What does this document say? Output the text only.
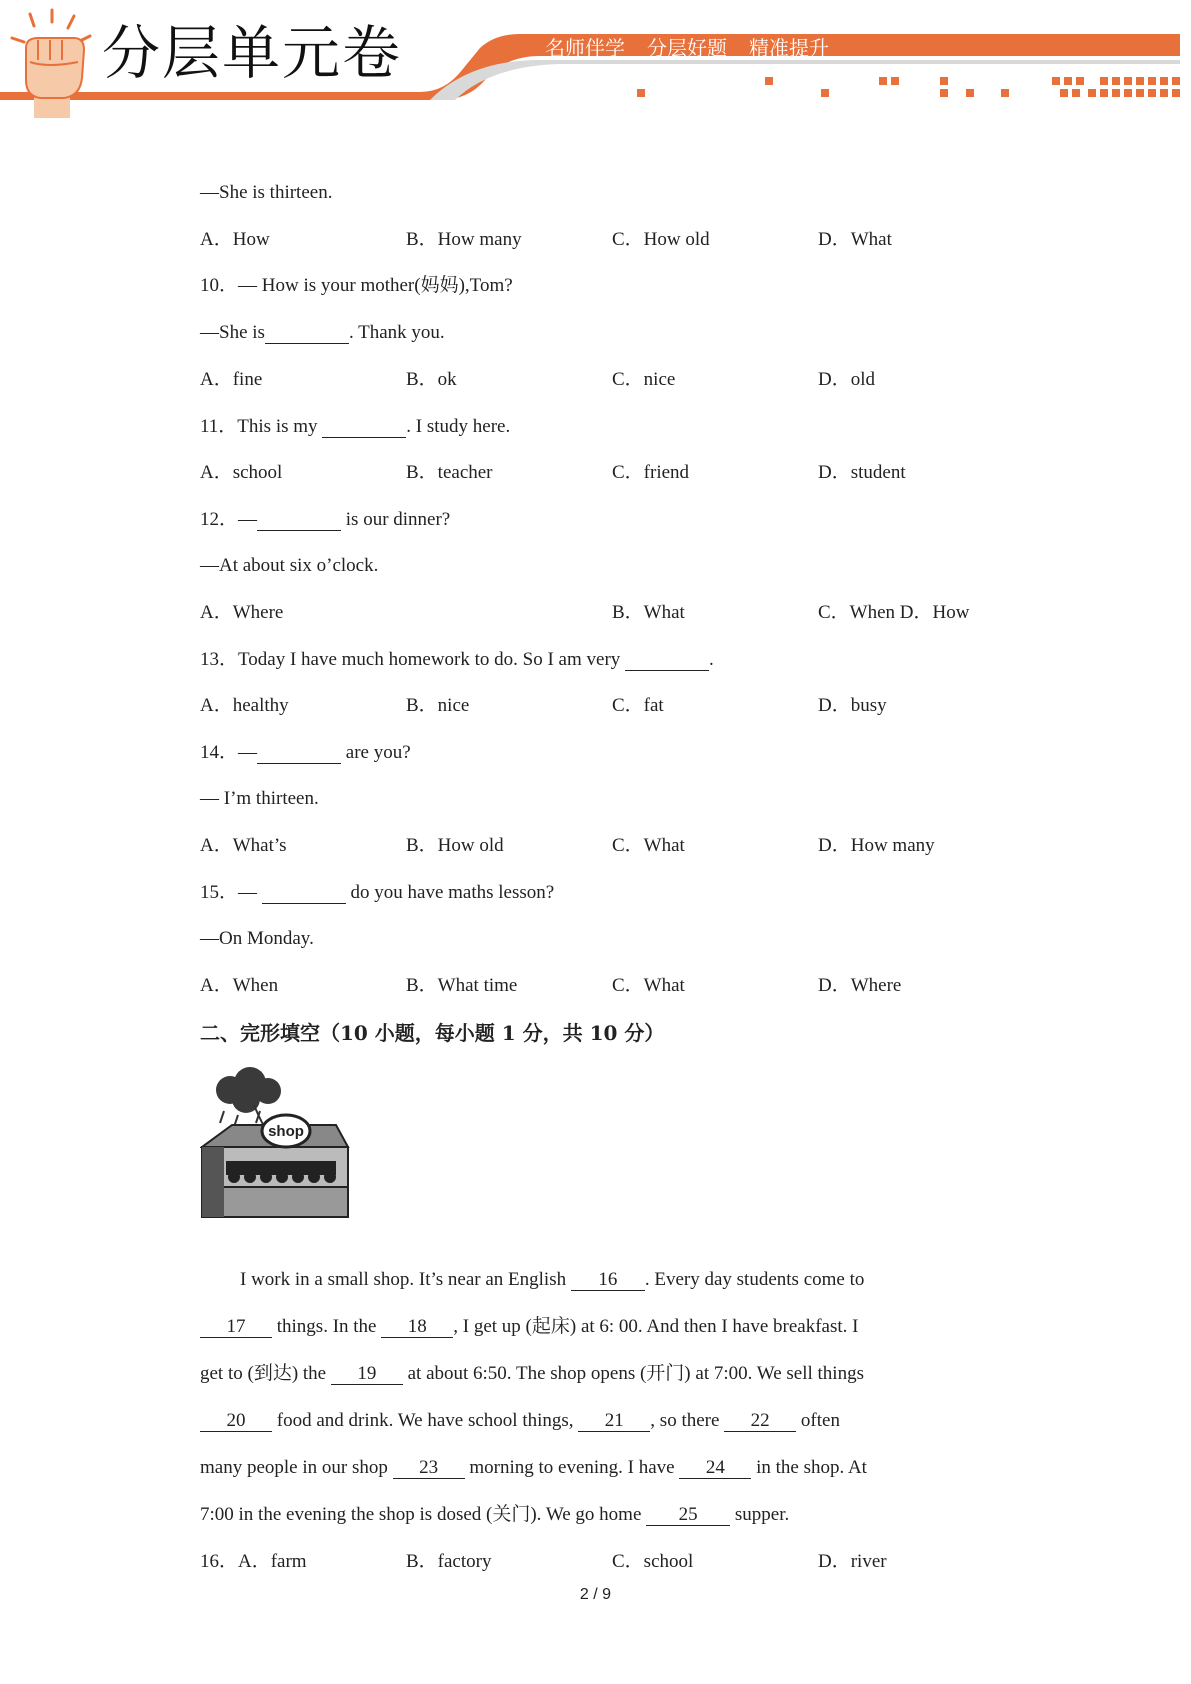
分层单元卷	名师伴学 分层好题 精准提升
—She is thirteen.
A．How	B．How many	C．How old	D．What
10．— How is your mother(妈妈),Tom?
—She is	. Thank you.
A．fine	B．ok	C．nice	D．old
11．This is my	. I study here.
A．school	B．teacher	C．friend	D．student
12．—	is our dinner?
—At about six o’clock.
A．Where	B．What	C．When D．How
13．Today I have much homework to do. So I am very	.
A．healthy	B．nice	C．fat	D．busy
14．—	are you?
— I’m thirteen.
A．What’s	B．How old	C．What	D．How many
15．—	do you have maths lesson?
—On Monday.
A．When	B．What time	C．What	D．Where
二、完形填空（10 小题，每小题 1 分，共 10 分）
shop
I work in a small shop. It’s near an English 16 . Every day students come to
17 things. In the 18 , I get up (起床) at 6: 00. And then I have breakfast. I
get to (到达) the 19 at about 6:50. The shop opens (开门) at 7:00. We sell things
20 food and drink. We have school things, 21 , so there 22 often
many people in our shop 23 morning to evening. I have 24 in the shop. At
7:00 in the evening the shop is dosed (关门). We go home 25 supper.
16．A．farm	B．factory	C．school	D．river
2 / 9
